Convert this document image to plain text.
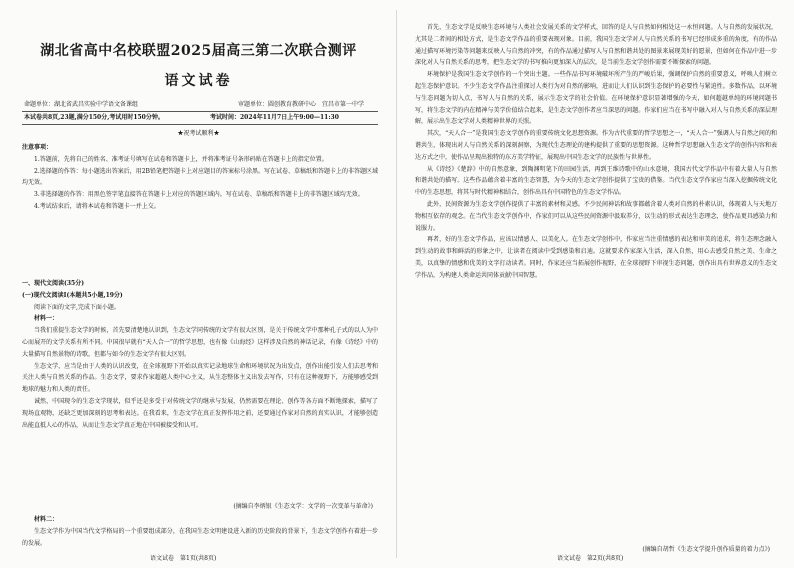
湖北省高中名校联盟2025届高三第二次联合测评
语文试卷
命题单位：湖北省武昌实验中学语文备课组	审题单位：圆创教育教研中心　宜昌市第一中学
本试卷共8页,23题,满分150分,考试用时150分钟。	考试时间：2024年11月7日上午9:00—11:30
★祝考试顺利★

注意事项：

1.答题前，先将自己的姓名、准考证号填写在试卷和答题卡上，并将准考证号条形码贴在答题卡上的指定位置。

2.选择题的作答：每小题选出答案后，用2B铅笔把答题卡上对应题目的答案标号涂黑。写在试卷、草稿纸和答题卡上的非答题区域均无效。

3.非选择题的作答：用黑色签字笔直接答在答题卡上对应的答题区域内。写在试卷、草稿纸和答题卡上的非答题区域均无效。

4.考试结束后，请将本试卷和答题卡一并上交。

一、现代文阅读(35分)

(一)现代文阅读Ⅰ(本题共5小题,19分)

阅读下面的文字,完成下面小题。

材料一：

当我们重提生态文学的时候，首先要清楚地认识到，生态文学同传统的文学有很大区别，是关于传统文学中那种孔子式的以人为中心而展开的文学关系有所不同。中国很早就有“天人合一”的哲学思想，也有像《山海经》这样涉及自然的神话记录，有像《诗经》中的大量描写自然景物的诗歌，但都与如今的生态文学有很大区别。

生态文学，应当是由于人类的认识改变，在全球视野下开始以真实记录地球生命和环境状况为出发点，创作出能引发人们去思考和关注人类与自然关系的作品。生态文学，要求作家超越人类中心主义，从生态整体主义出发去写作，只有在这种视野下，方能够感受到地球的魅力和人类的责任。

诚然，中国现今的生态文学现状，似乎还是多受于对传统文学的继承与发展，仍然需要在理论、创作等各方面不断地探索，描写了现场直观物，还缺乏更加深刻的思考和表达。在我看来，生态文学在真正发挥作用之前，还要通过作家对自然的真实认识，才能够创造出能直抵人心的作品，从而让生态文学真正地在中国被接受和认可。

(摘编自李炳银《生态文学：文学的一次变革与革命》)

材料二：

生态文学作为中国当代文学格局的一个重要组成部分，在我国生态文明建设进入新的历史阶段的背景下，生态文学创作有着进一步的发展。

语文试卷　第1页(共8页)

首先，生态文学是反映生态环境与人类社会发展关系的文学样式，回答的是人与自然如何相处这一永恒问题。人与自然的发展状况，尤其是二者间的相处方式，是生态文学作品的重要表现对象。目前，我国生态文学对人与自然关系的书写已经形成多重的角度，有的作品通过描写环境污染等问题来反映人与自然的冲突，有的作品通过描写人与自然和谐共处的图景来展现美好的愿景，但如何在作品中进一步深化对人与自然关系的思考，把生态文学的书写推向更加深入的层次，是当前生态文学创作需要不断探索的问题。

环境保护是我国生态文学创作的一个突出主题。一些作品书写环境破坏所产生的严峻后果，强调保护自然的重要意义，呼唤人们树立起生态保护意识。不少生态文学作品注重探讨人类行为对自然的影响，进而让人们认识到生态保护的必要性与紧迫性。多数作品，以环境与生态问题为切入点，书写人与自然的关系，展示生态文学的社会价值。在环境保护意识显著增强的今天，如何超越单纯的环境问题书写，将生态文学的内在精神与美学价值结合起来，是生态文学创作者应当深思的问题。作家们应当在书写中融入对人与自然关系的深层理解，展示出生态文学对人类精神世界的关照。

其次，“天人合一”是我国生态文学创作的重要传统文化思想资源。作为古代重要的哲学思想之一，“天人合一”强调人与自然之间的和谐共生，体现出对人与自然关系的深刻洞察，为现代生态理论的建构提供了重要的思想资源。这种哲学思想融入生态文学的创作内容和表达方式之中，使作品呈现出独特的东方美学特征，展现出中国生态文学的民族性与世界性。

从《诗经》《楚辞》中的自然意象，到陶渊明笔下的田园生活，再到王维诗歌中的山水意境，我国古代文学作品中有着大量人与自然和谐共处的描写。这些作品蕴含着丰富的生态智慧，为今天的生态文学创作提供了宝贵的借鉴。当代生态文学作家应当深入挖掘传统文化中的生态思想，将其与时代精神相结合，创作出具有中国特色的生态文学作品。

此外，民间资源为生态文学创作提供了丰富的素材和灵感。不少民间神话和故事都蕴含着人类对自然的朴素认识，体现着人与天地万物相互依存的观念。在当代生态文学创作中，作家们可以从这些民间资源中汲取养分，以生动的形式表达生态理念，使作品更具感染力和说服力。

再者，好的生态文学作品，应该以情感人、以美化人。在生态文学创作中，作家应当注重情感的表达和审美的追求，将生态理念融入到生动的故事和鲜活的形象之中，让读者在阅读中受到感染和启迪。这就要求作家深入生活，深入自然，用心去感受自然之美、生命之美，以真挚的情感和优美的文字打动读者。同时，作家还应当拓展创作视野，在全球视野下审视生态问题，创作出具有世界意义的生态文学作品，为构建人类命运共同体贡献中国智慧。

(摘编自胡哲《生态文学提升创作质量的着力点》)
语文试卷　第2页(共8页)
